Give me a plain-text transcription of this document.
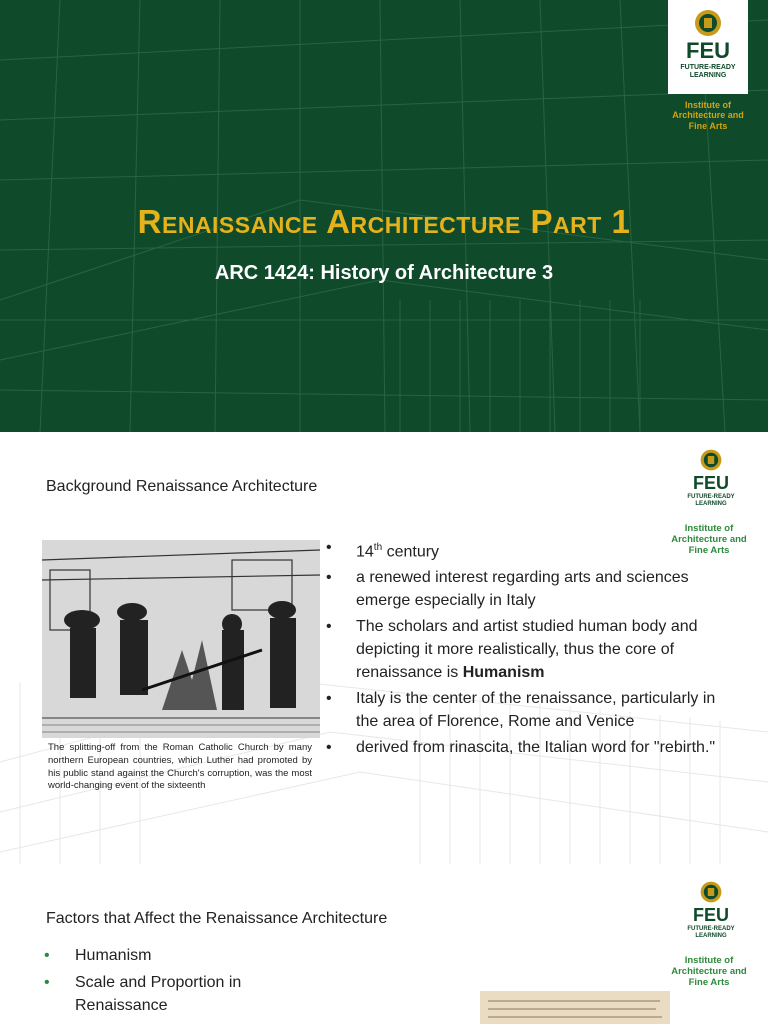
FEU
FUTURE-READY
LEARNING
Institute of
Architecture and
Fine Arts
Renaissance Architecture Part 1
ARC 1424: History of Architecture 3
Background Renaissance Architecture	FEU
FUTURE-READY
LEARNING
Institute of
Architecture and
Fine Arts
The splitting-off from the Roman Catholic Church by many northern European countries, which Luther had promoted by his public stand against the Church's corruption, was the most world-changing event of the sixteenth
• 14th century
• a renewed interest regarding arts and sciences emerge especially in Italy
• The scholars and artist studied human body and depicting it more realistically, thus the core of renaissance is Humanism
• Italy is the center of the renaissance, particularly in the area of Florence, Rome and Venice
• derived from rinascita, the Italian word for "rebirth."
Factors that Affect the Renaissance Architecture	FEU
FUTURE-READY
LEARNING
Institute of
Architecture and
Fine Arts
• Humanism
• Scale and Proportion in Renaissance
